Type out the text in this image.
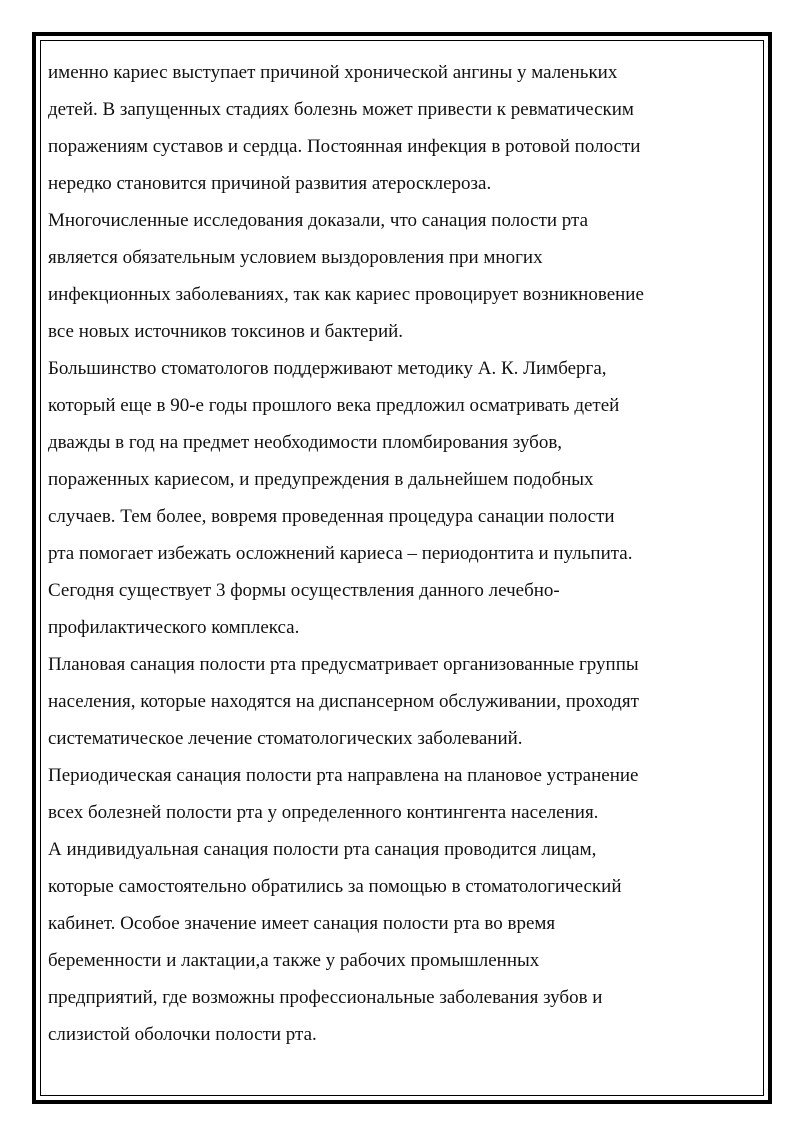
именно кариес выступает причиной хронической ангины у маленьких
детей. В запущенных стадиях болезнь может привести к ревматическим
поражениям суставов и сердца. Постоянная инфекция в ротовой полости
нередко становится причиной развития атеросклероза.
Многочисленные исследования доказали, что санация полости рта
является обязательным условием выздоровления при многих
инфекционных заболеваниях, так как кариес провоцирует возникновение
все новых источников токсинов и бактерий.
Большинство стоматологов поддерживают методику А. К. Лимберга,
который еще в 90-е годы прошлого века предложил осматривать детей
дважды в год на предмет необходимости пломбирования зубов,
пораженных кариесом, и предупреждения в дальнейшем подобных
случаев. Тем более, вовремя проведенная процедура санации полости
рта помогает избежать осложнений кариеса – периодонтита и пульпита.
Сегодня существует 3 формы осуществления данного лечебно-
профилактического комплекса.
Плановая санация полости рта предусматривает организованные группы
населения, которые находятся на диспансерном обслуживании, проходят
систематическое лечение стоматологических заболеваний.
Периодическая санация полости рта направлена на плановое устранение
всех болезней полости рта у определенного контингента населения.
А индивидуальная санация полости рта санация проводится лицам,
которые самостоятельно обратились за помощью в стоматологический
кабинет. Особое значение имеет санация полости рта во время
беременности и лактации,а также у рабочих промышленных
предприятий, где возможны профессиональные заболевания зубов и
слизистой оболочки полости рта.
